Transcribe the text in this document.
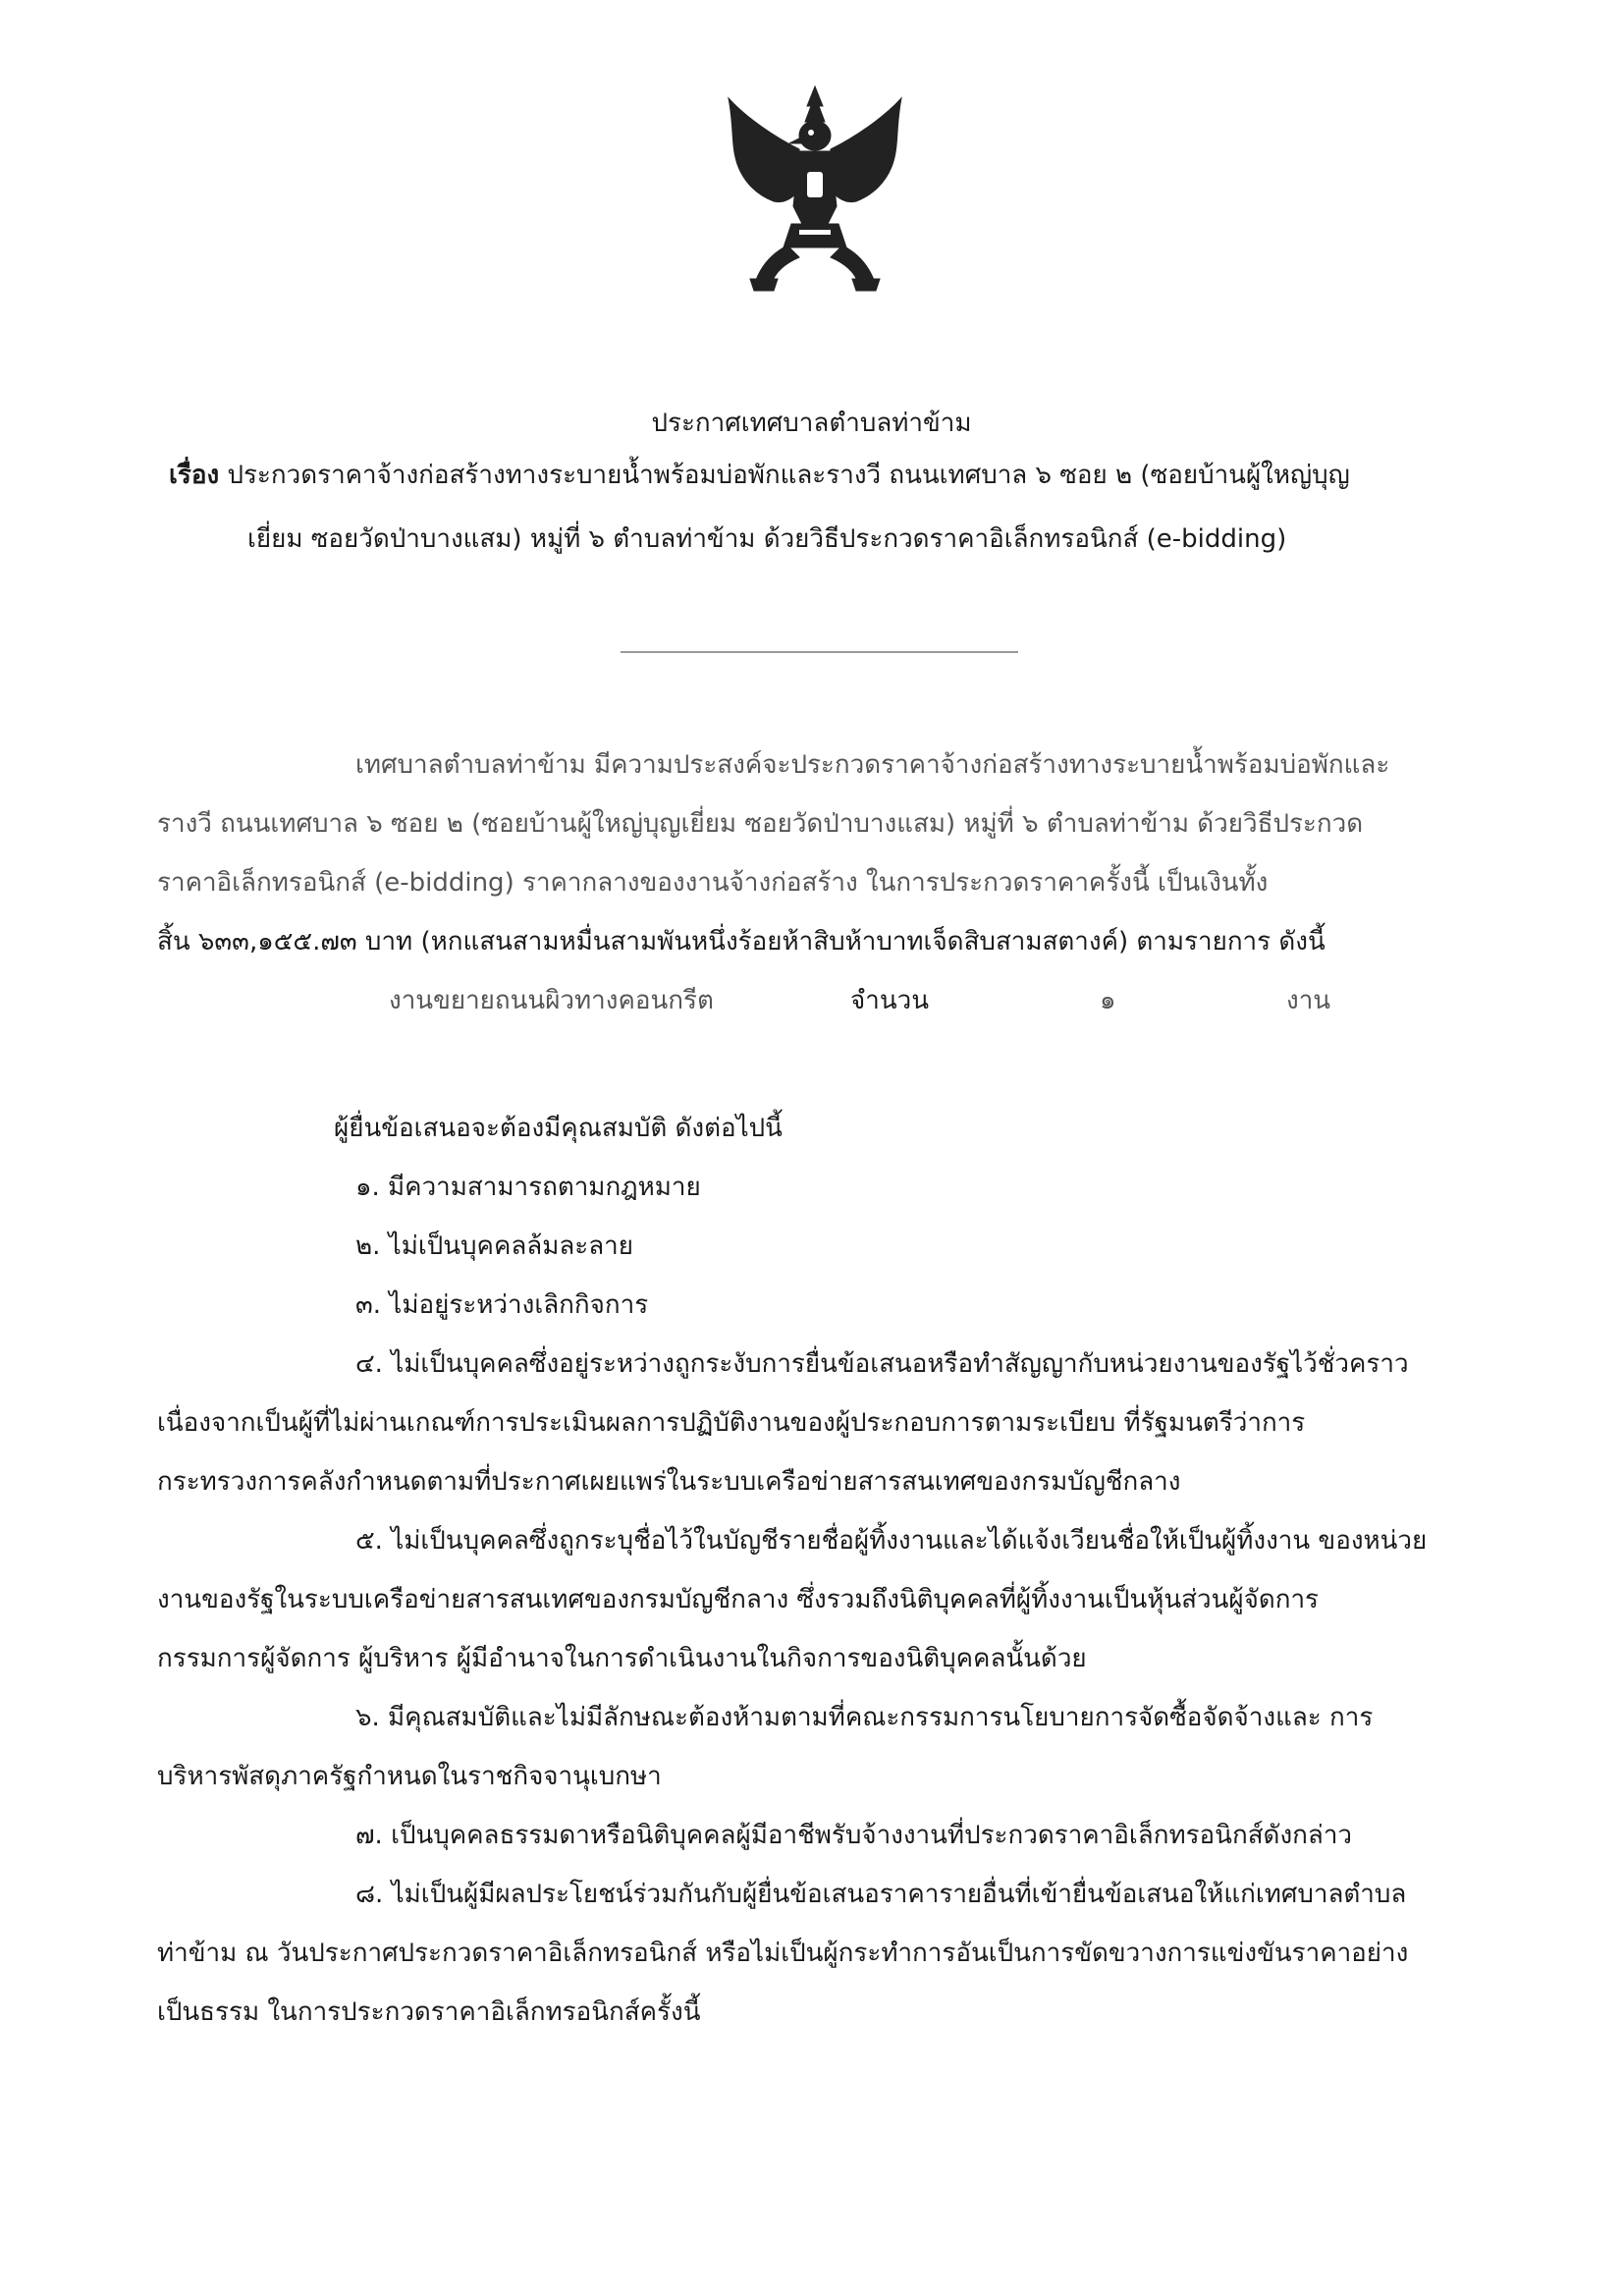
ประกาศเทศบาลตำบลท่าข้าม
เรื่อง ประกวดราคาจ้างก่อสร้างทางระบายน้ำพร้อมบ่อพักและรางวี ถนนเทศบาล ๖ ซอย ๒ (ซอยบ้านผู้ใหญ่บุญ
เยี่ยม ซอยวัดป่าบางแสม) หมู่ที่ ๖ ตำบลท่าข้าม ด้วยวิธีประกวดราคาอิเล็กทรอนิกส์ (e-bidding)
เทศบาลตำบลท่าข้าม มีความประสงค์จะประกวดราคาจ้างก่อสร้างทางระบายน้ำพร้อมบ่อพักและ
รางวี ถนนเทศบาล ๖ ซอย ๒ (ซอยบ้านผู้ใหญ่บุญเยี่ยม ซอยวัดป่าบางแสม) หมู่ที่ ๖ ตำบลท่าข้าม ด้วยวิธีประกวด
ราคาอิเล็กทรอนิกส์ (e-bidding) ราคากลางของงานจ้างก่อสร้าง ในการประกวดราคาครั้งนี้ เป็นเงินทั้ง
สิ้น ๖๓๓,๑๕๕.๗๓ บาท (หกแสนสามหมื่นสามพันหนึ่งร้อยห้าสิบห้าบาทเจ็ดสิบสามสตางค์) ตามรายการ ดังนี้
งานขยายถนนผิวทางคอนกรีต	จำนวน	๑	งาน
ผู้ยื่นข้อเสนอจะต้องมีคุณสมบัติ ดังต่อไปนี้
๑. มีความสามารถตามกฎหมาย
๒. ไม่เป็นบุคคลล้มละลาย
๓. ไม่อยู่ระหว่างเลิกกิจการ
๔. ไม่เป็นบุคคลซึ่งอยู่ระหว่างถูกระงับการยื่นข้อเสนอหรือทำสัญญากับหน่วยงานของรัฐไว้ชั่วคราว
เนื่องจากเป็นผู้ที่ไม่ผ่านเกณฑ์การประเมินผลการปฏิบัติงานของผู้ประกอบการตามระเบียบ ที่รัฐมนตรีว่าการ
กระทรวงการคลังกำหนดตามที่ประกาศเผยแพร่ในระบบเครือข่ายสารสนเทศของกรมบัญชีกลาง
๕. ไม่เป็นบุคคลซึ่งถูกระบุชื่อไว้ในบัญชีรายชื่อผู้ทิ้งงานและได้แจ้งเวียนชื่อให้เป็นผู้ทิ้งงาน ของหน่วย
งานของรัฐในระบบเครือข่ายสารสนเทศของกรมบัญชีกลาง ซึ่งรวมถึงนิติบุคคลที่ผู้ทิ้งงานเป็นหุ้นส่วนผู้จัดการ
กรรมการผู้จัดการ ผู้บริหาร ผู้มีอำนาจในการดำเนินงานในกิจการของนิติบุคคลนั้นด้วย
๖. มีคุณสมบัติและไม่มีลักษณะต้องห้ามตามที่คณะกรรมการนโยบายการจัดซื้อจัดจ้างและ การ
บริหารพัสดุภาครัฐกำหนดในราชกิจจานุเบกษา
๗. เป็นบุคคลธรรมดาหรือนิติบุคคลผู้มีอาชีพรับจ้างงานที่ประกวดราคาอิเล็กทรอนิกส์ดังกล่าว
๘. ไม่เป็นผู้มีผลประโยชน์ร่วมกันกับผู้ยื่นข้อเสนอราคารายอื่นที่เข้ายื่นข้อเสนอให้แก่เทศบาลตำบล
ท่าข้าม ณ วันประกาศประกวดราคาอิเล็กทรอนิกส์ หรือไม่เป็นผู้กระทำการอันเป็นการขัดขวางการแข่งขันราคาอย่าง
เป็นธรรม ในการประกวดราคาอิเล็กทรอนิกส์ครั้งนี้
